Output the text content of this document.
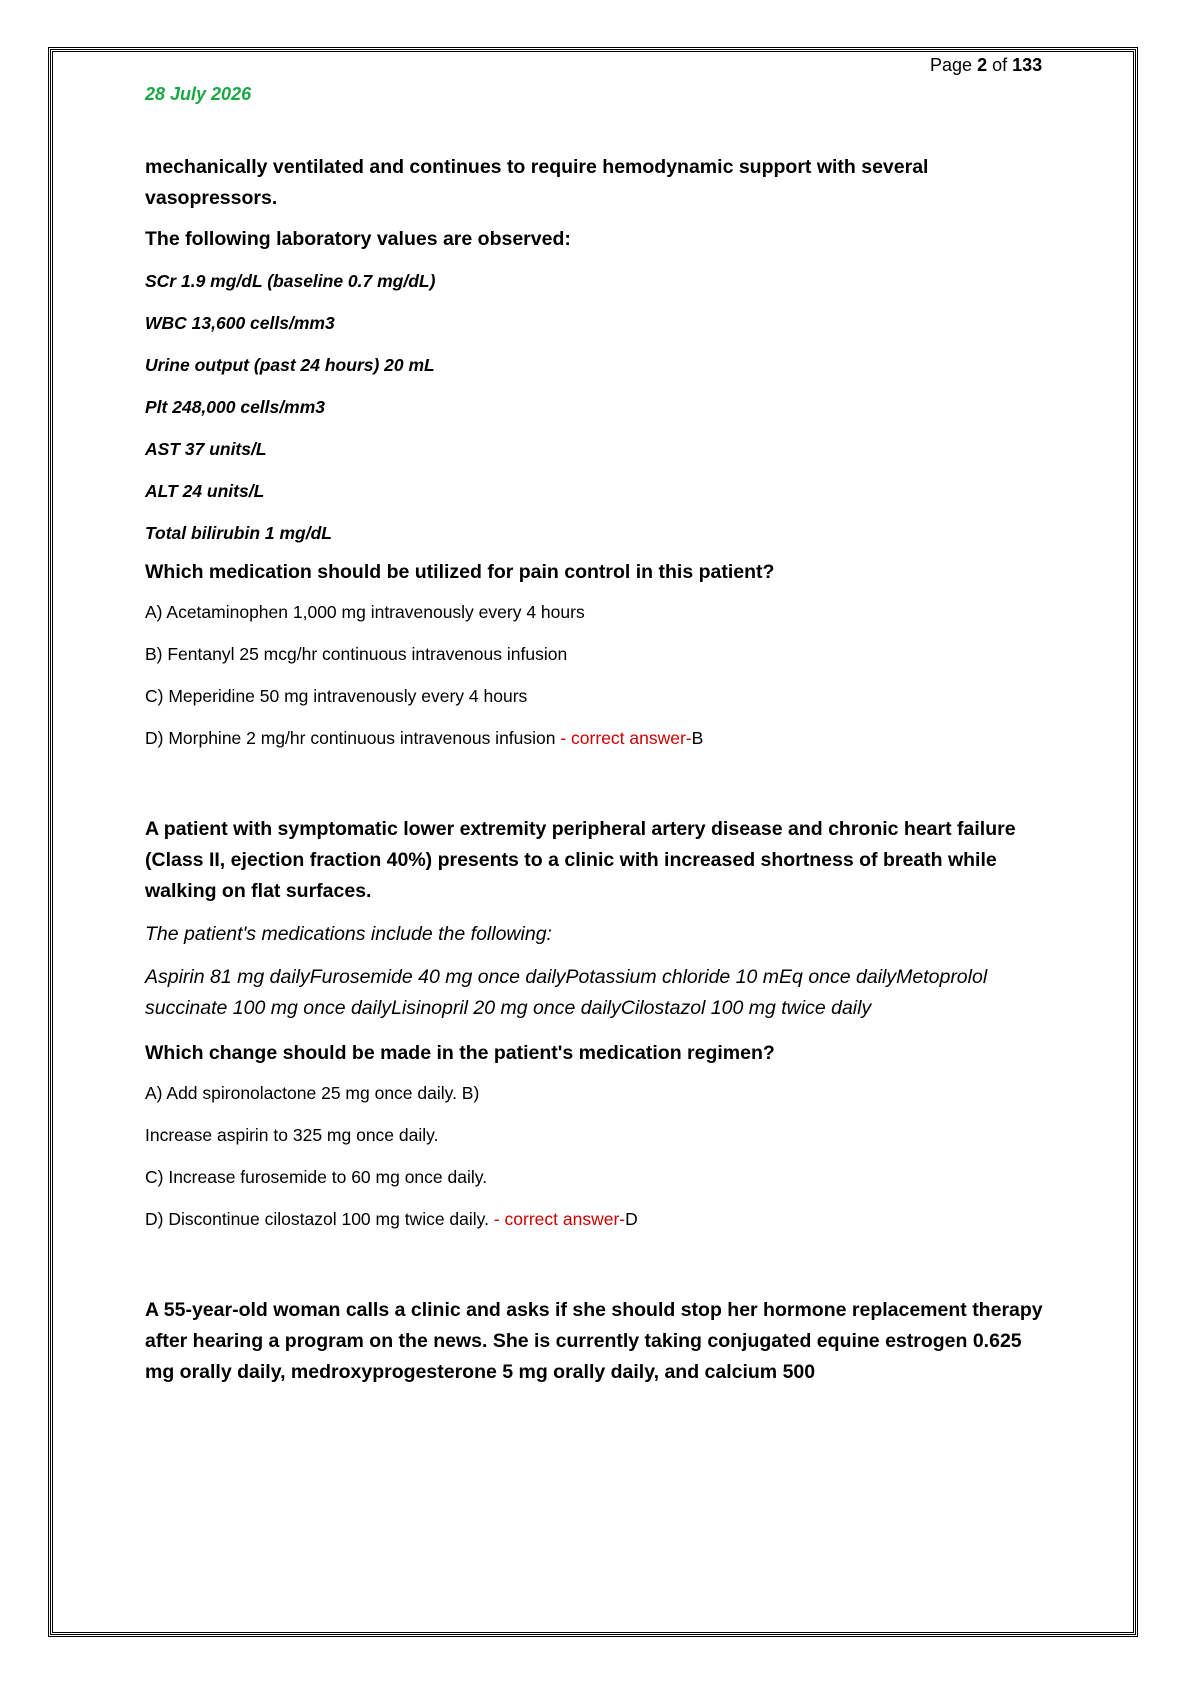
Page 2 of 133
28 July 2026

mechanically ventilated and continues to require hemodynamic support with several vasopressors.

The following laboratory values are observed:

SCr 1.9 mg/dL (baseline 0.7 mg/dL)

WBC 13,600 cells/mm3

Urine output (past 24 hours) 20 mL

Plt 248,000 cells/mm3

AST 37 units/L

ALT 24 units/L

Total bilirubin 1 mg/dL

Which medication should be utilized for pain control in this patient?

A) Acetaminophen 1,000 mg intravenously every 4 hours

B) Fentanyl 25 mcg/hr continuous intravenous infusion

C) Meperidine 50 mg intravenously every 4 hours

D) Morphine 2 mg/hr continuous intravenous infusion - correct answer-B

A patient with symptomatic lower extremity peripheral artery disease and chronic heart failure (Class II, ejection fraction 40%) presents to a clinic with increased shortness of breath while walking on flat surfaces.

The patient's medications include the following:

Aspirin 81 mg dailyFurosemide 40 mg once dailyPotassium chloride 10 mEq once dailyMetoprolol succinate 100 mg once dailyLisinopril 20 mg once dailyCilostazol 100 mg twice daily

Which change should be made in the patient's medication regimen?

A) Add spironolactone 25 mg once daily. B)

Increase aspirin to 325 mg once daily.

C) Increase furosemide to 60 mg once daily.

D) Discontinue cilostazol 100 mg twice daily. - correct answer-D

A 55-year-old woman calls a clinic and asks if she should stop her hormone replacement therapy after hearing a program on the news. She is currently taking conjugated equine estrogen 0.625 mg orally daily, medroxyprogesterone 5 mg orally daily, and calcium 500
